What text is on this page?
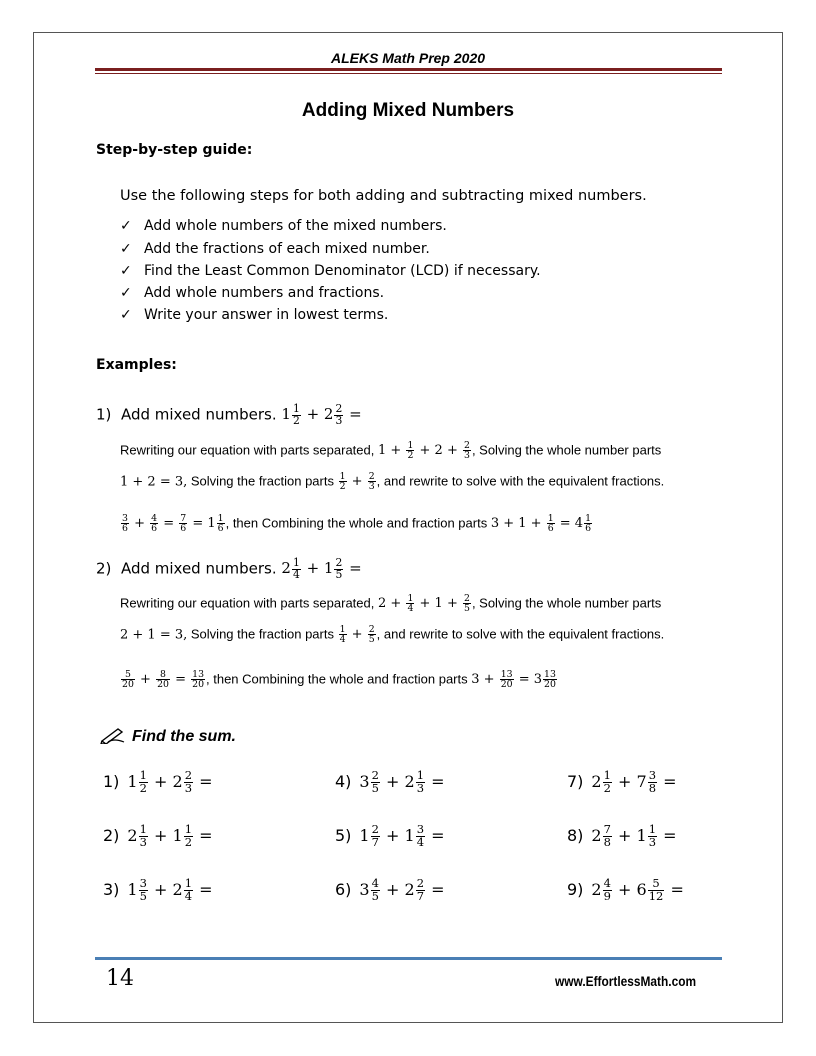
ALEKS Math Prep 2020
Adding Mixed Numbers
Step-by-step guide:
Use the following steps for both adding and subtracting mixed numbers.
✓ Add whole numbers of the mixed numbers.
✓ Add the fractions of each mixed number.
✓ Find the Least Common Denominator (LCD) if necessary.
✓ Add whole numbers and fractions.
✓ Write your answer in lowest terms.
Examples:
1) Add mixed numbers. $1 \frac{1}{2} + 2 \frac{2}{3}$ =
Rewriting our equation with parts separated, $1 + \frac{1}{2} + 2 + \frac{2}{3}$ , Solving the whole number parts
1 + 2 = 3, Solving the fraction parts $\frac{1}{2} + \frac{2}{3}$ , and rewrite to solve with the equivalent fractions.
$\frac{3}{6} + \frac{4}{6} = \frac{7}{6} = 1 \frac{1}{6}$ , then Combining the whole and fraction parts $3 + 1 + \frac{1}{6} = 4 \frac{1}{6}$
2) Add mixed numbers. $2 \frac{1}{4} + 1 \frac{2}{5}$ =
Rewriting our equation with parts separated, $2 + \frac{1}{4} + 1 + \frac{2}{5}$ , Solving the whole number parts
2 + 1 = 3, Solving the fraction parts $\frac{1}{4} + \frac{2}{5}$ , and rewrite to solve with the equivalent fractions.
$\frac{5}{20} + \frac{8}{20} = \frac{13}{20}$ , then Combining the whole and fraction parts $3 + \frac{13}{20} = 3 \frac{13}{20}$
Find the sum.
1) $1 \frac{1}{2} + 2 \frac{2}{3}$ =
2) $2 \frac{1}{3} + 1 \frac{1}{2}$ =
3) $1 \frac{3}{5} + 2 \frac{1}{4}$ =
4) $3 \frac{2}{5} + 2 \frac{1}{3}$ =
5) $1 \frac{2}{7} + 1 \frac{3}{4}$ =
6) $3 \frac{4}{5} + 2 \frac{2}{7}$ =
7) $2 \frac{1}{2} + 7 \frac{3}{8}$ =
8) $2 \frac{7}{8} + 1 \frac{1}{3}$ =
9) $2 \frac{4}{9} + 6 \frac{5}{12}$ =
14	www.EffortlessMath.com
